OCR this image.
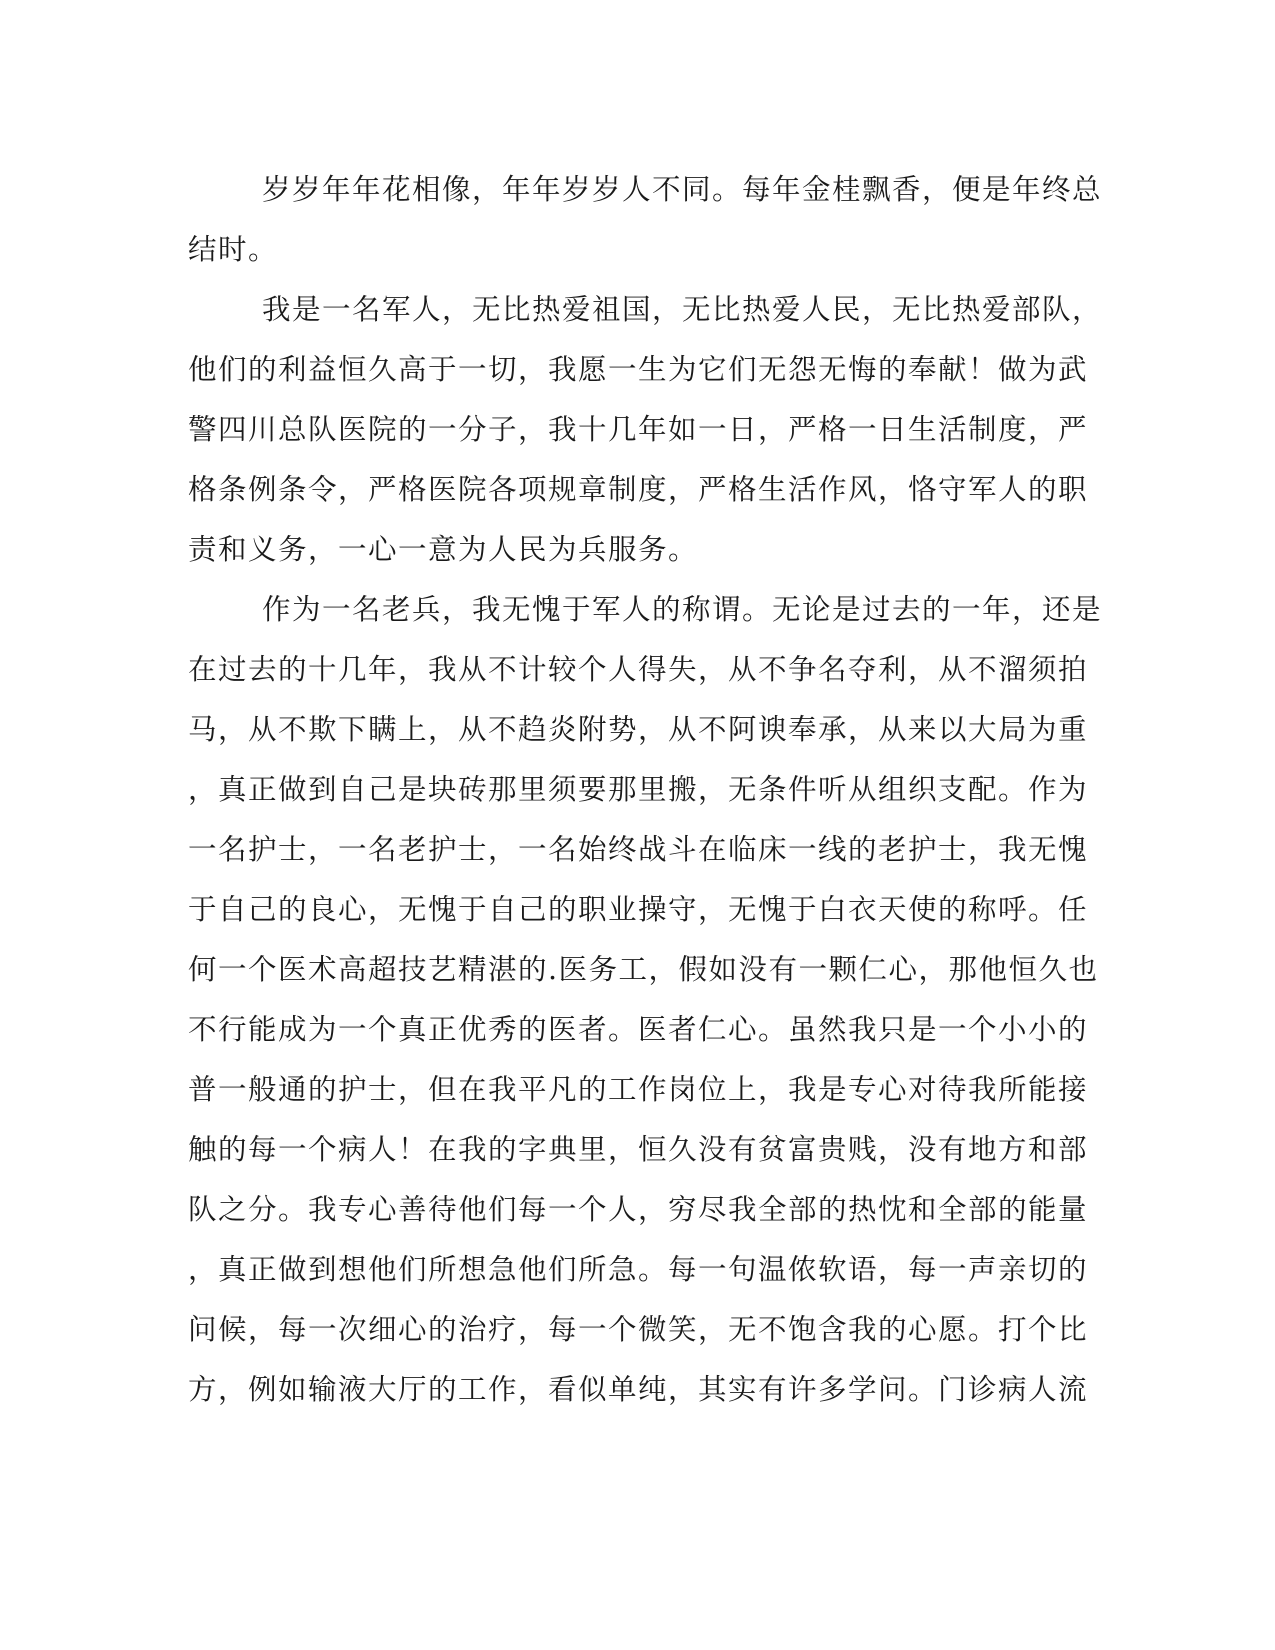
岁岁年年花相像，年年岁岁人不同。每年金桂飘香，便是年终总
结时。
我是一名军人，无比热爱祖国，无比热爱人民，无比热爱部队，
他们的利益恒久高于一切，我愿一生为它们无怨无悔的奉献！做为武
警四川总队医院的一分子，我十几年如一日，严格一日生活制度，严
格条例条令，严格医院各项规章制度，严格生活作风，恪守军人的职
责和义务，一心一意为人民为兵服务。
作为一名老兵，我无愧于军人的称谓。无论是过去的一年，还是
在过去的十几年，我从不计较个人得失，从不争名夺利，从不溜须拍
马，从不欺下瞒上，从不趋炎附势，从不阿谀奉承，从来以大局为重
，真正做到自己是块砖那里须要那里搬，无条件听从组织支配。作为
一名护士，一名老护士，一名始终战斗在临床一线的老护士，我无愧
于自己的良心，无愧于自己的职业操守，无愧于白衣天使的称呼。任
何一个医术高超技艺精湛的.医务工，假如没有一颗仁心，那他恒久也
不行能成为一个真正优秀的医者。医者仁心。虽然我只是一个小小的
普一般通的护士，但在我平凡的工作岗位上，我是专心对待我所能接
触的每一个病人！在我的字典里，恒久没有贫富贵贱，没有地方和部
队之分。我专心善待他们每一个人，穷尽我全部的热忱和全部的能量
，真正做到想他们所想急他们所急。每一句温侬软语，每一声亲切的
问候，每一次细心的治疗，每一个微笑，无不饱含我的心愿。打个比
方，例如输液大厅的工作，看似单纯，其实有许多学问。门诊病人流
